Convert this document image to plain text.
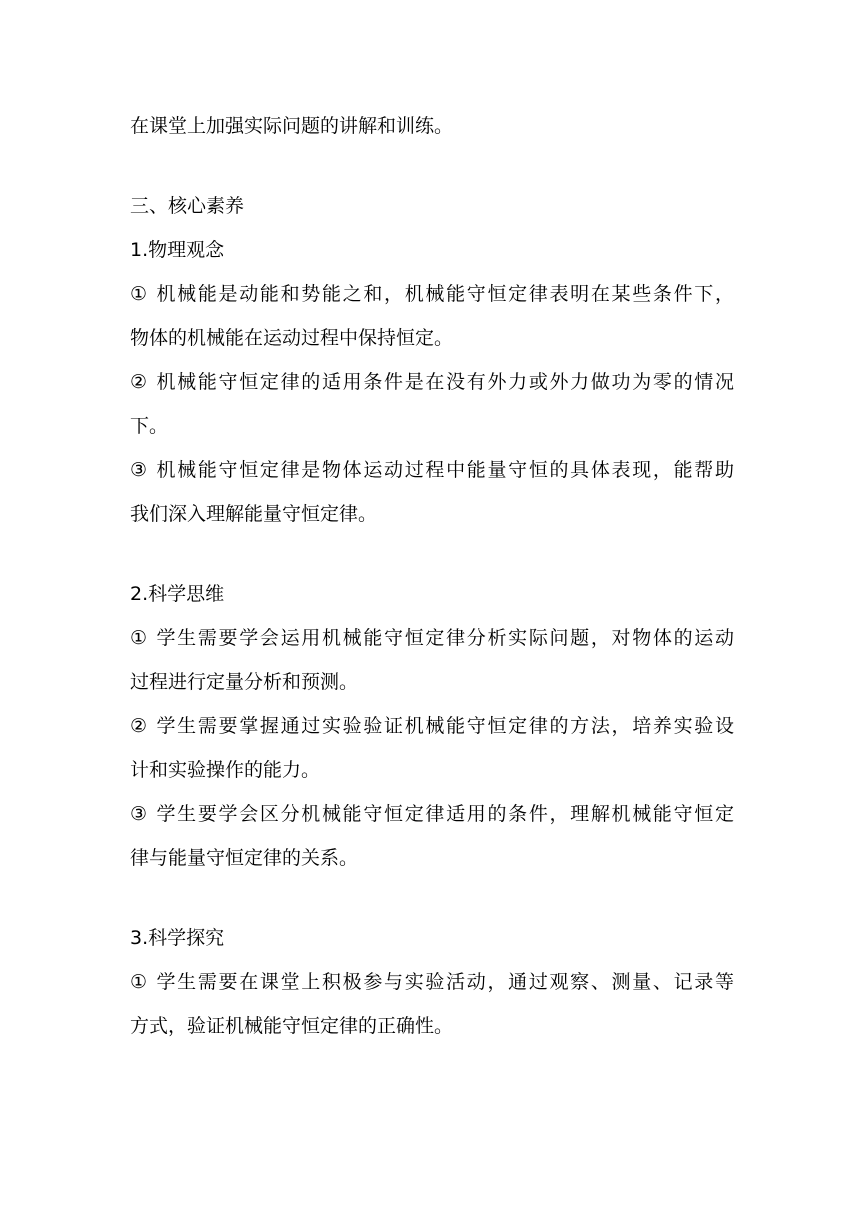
在课堂上加强实际问题的讲解和训练。

三、核心素养

1.物理观念

① 机械能是动能和势能之和，机械能守恒定律表明在某些条件下，

物体的机械能在运动过程中保持恒定。

② 机械能守恒定律的适用条件是在没有外力或外力做功为零的情况

下。

③ 机械能守恒定律是物体运动过程中能量守恒的具体表现，能帮助

我们深入理解能量守恒定律。

2.科学思维

① 学生需要学会运用机械能守恒定律分析实际问题，对物体的运动

过程进行定量分析和预测。

② 学生需要掌握通过实验验证机械能守恒定律的方法，培养实验设

计和实验操作的能力。

③ 学生要学会区分机械能守恒定律适用的条件，理解机械能守恒定

律与能量守恒定律的关系。

3.科学探究

① 学生需要在课堂上积极参与实验活动，通过观察、测量、记录等

方式，验证机械能守恒定律的正确性。
